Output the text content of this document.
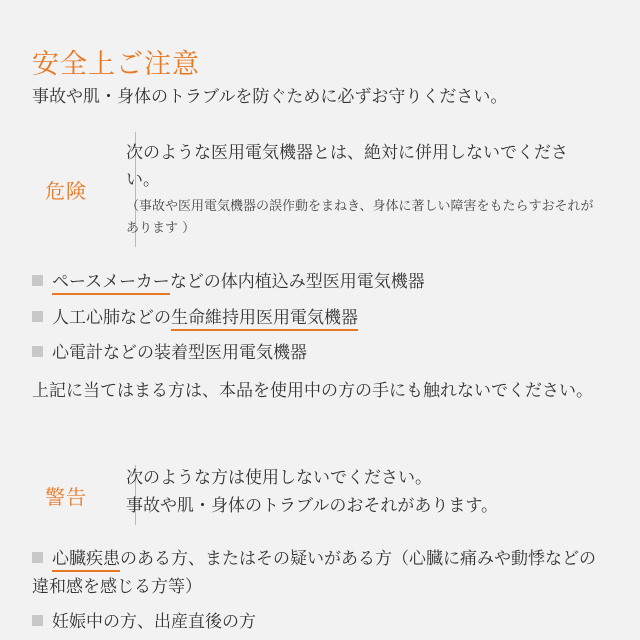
安全上ご注意
事故や肌・身体のトラブルを防ぐために必ずお守りください。
危険
次のような医用電気機器とは、絶対に併用しないでください。
（事故や医用電気機器の誤作動をまねき、身体に著しい障害をもたらすおそれがあります ）
ペースメーカーなどの体内植込み型医用電気機器
人工心肺などの生命維持用医用電気機器
心電計などの装着型医用電気機器
上記に当てはまる方は、本品を使用中の方の手にも触れないでください。
警告
次のような方は使用しないでください。
事故や肌・身体のトラブルのおそれがあります。
心臓疾患のある方、またはその疑いがある方（心臓に痛みや動悸などの違和感を感じる方等）
妊娠中の方、出産直後の方
